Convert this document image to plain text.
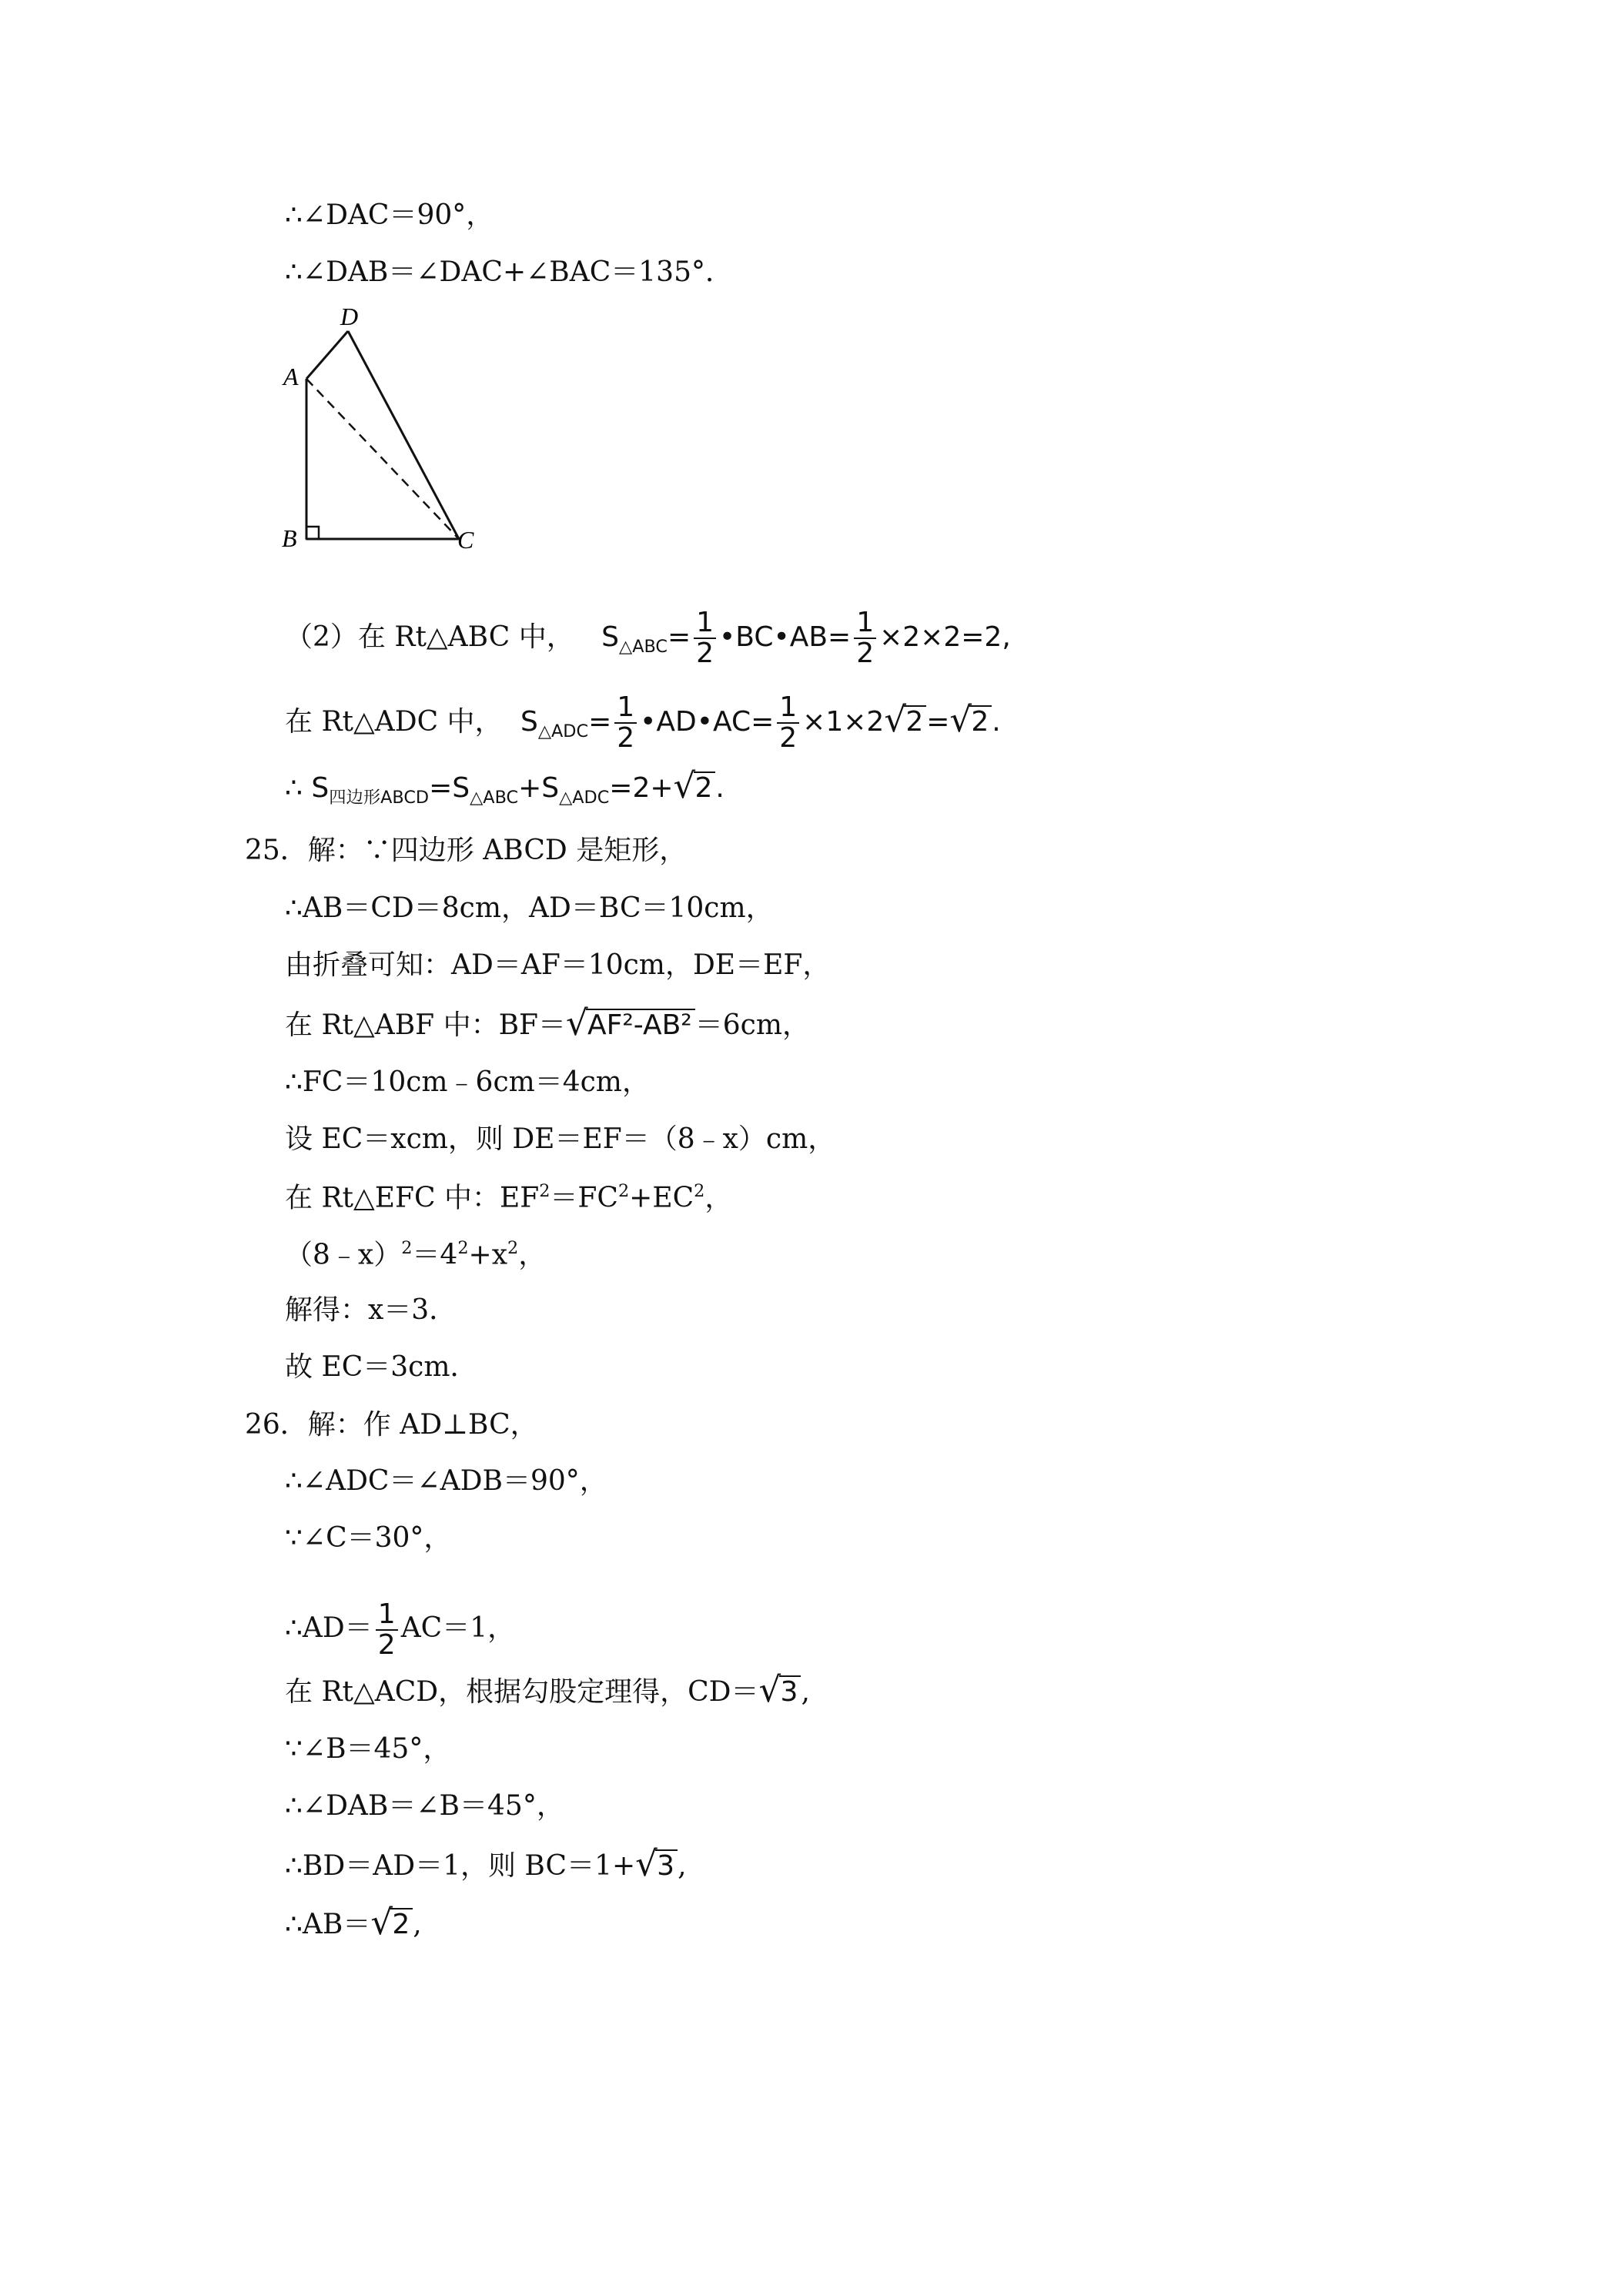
∴∠DAC＝90°，
∴∠DAB＝∠DAC+∠BAC＝135°．
D
A
B	C
（2）在 Rt△ABC 中， $S_{\triangle ABC}= \frac{1}{2}$ •BC•AB= $\frac{1}{2} \times 2\times 2=2$,
在 Rt△ADC 中， $S_{\triangle ADC}= \frac{1}{2}$ •AD•AC= $\frac{1}{2} \times 1\times 2√$ 2 =√ 2 .
∴ $S_{四边形ABCD}=S_{\triangle ABC}+S_{\triangle ADC}=2+√$ 2 .
25．解：∵四边形 ABCD 是矩形，
∴AB＝CD＝8cm，AD＝BC＝10cm，
由折叠可知：AD＝AF＝10cm，DE＝EF，
在 Rt△ABF 中：BF＝√ AF²-AB² ＝6cm，
∴FC＝10cm﹣6cm＝4cm，
设 EC＝xcm，则 DE＝EF＝（8﹣x）cm，
在 Rt△EFC 中：$EF^2=FC^2+EC^2$，
$(8﹣x)^2=4^2+x^2$，
解得：x＝3．
故 EC＝3cm．
26．解：作 AD⊥BC，
∴∠ADC＝∠ADB＝90°，
∵∠C＝30°，
∴AD＝ $\frac{1}{2} AC=1$，
在 Rt△ACD，根据勾股定理得，CD＝√ 3 ,
∵∠B＝45°，
∴∠DAB＝∠B＝45°，
∴BD＝AD＝1，则 BC＝1+√ 3 ,
∴AB＝√ 2 ,
